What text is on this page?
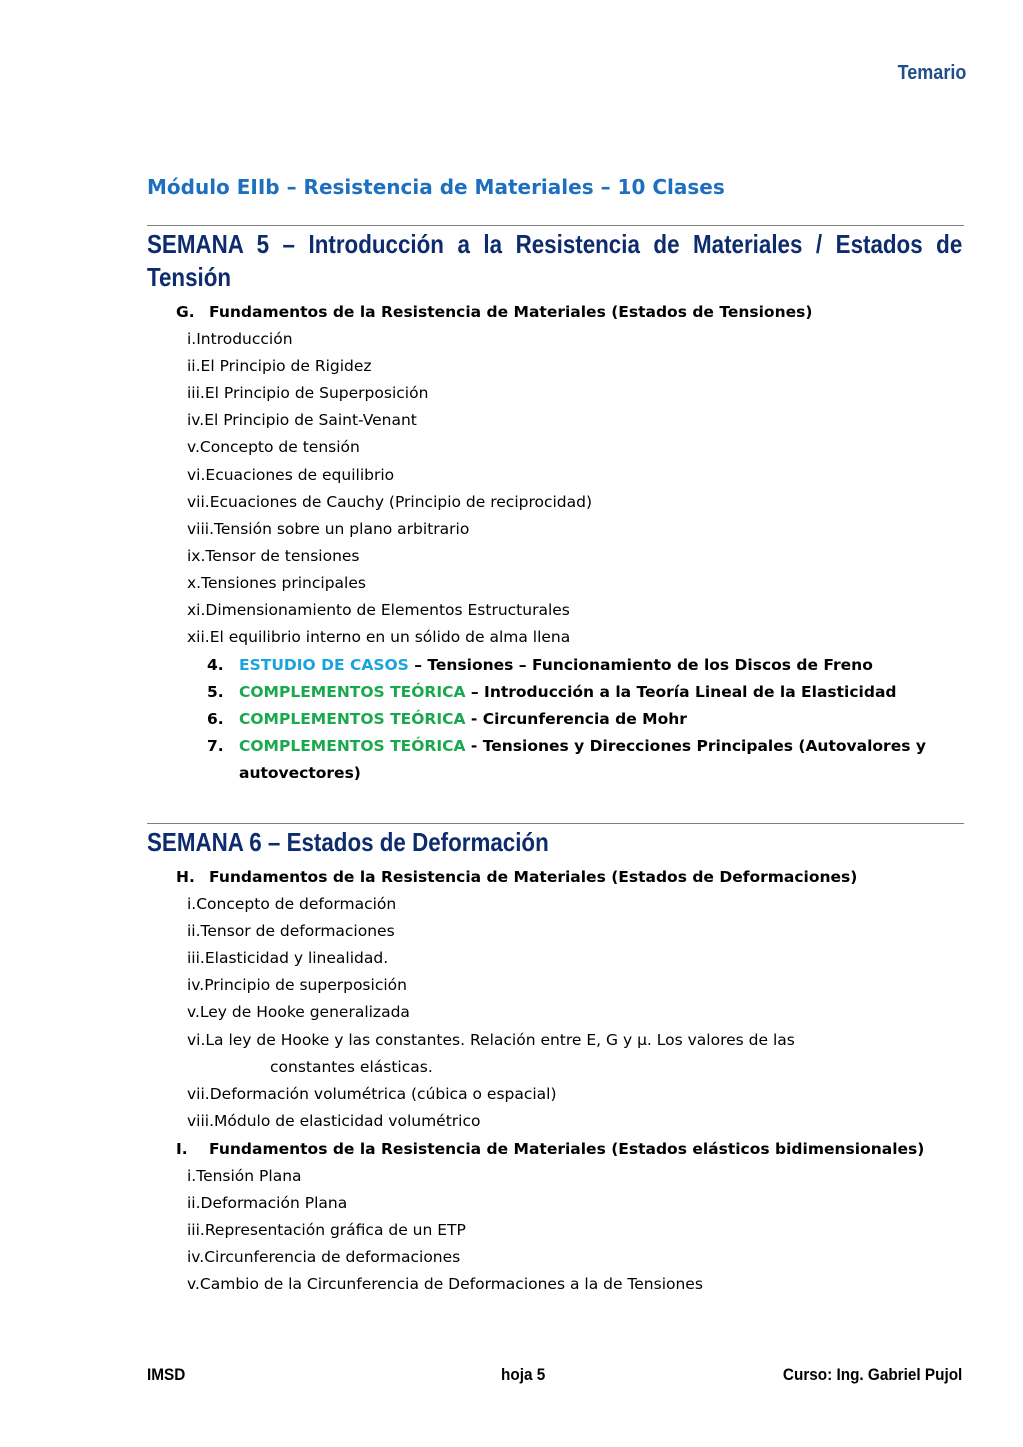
Temario
Módulo EIIb – Resistencia de Materiales – 10 Clases
SEMANA 5 – Introducción a la Resistencia de Materiales / Estados de Tensión
G. Fundamentos de la Resistencia de Materiales (Estados de Tensiones)
i.Introducción
ii.El Principio de Rigidez
iii.El Principio de Superposición
iv.El Principio de Saint-Venant
v.Concepto de tensión
vi.Ecuaciones de equilibrio
vii.Ecuaciones de Cauchy (Principio de reciprocidad)
viii.Tensión sobre un plano arbitrario
ix.Tensor de tensiones
x.Tensiones principales
xi.Dimensionamiento de Elementos Estructurales
xii.El equilibrio interno en un sólido de alma llena
4. ESTUDIO DE CASOS – Tensiones – Funcionamiento de los Discos de Freno
5. COMPLEMENTOS TEÓRICA – Introducción a la Teoría Lineal de la Elasticidad
6. COMPLEMENTOS TEÓRICA - Circunferencia de Mohr
7. COMPLEMENTOS TEÓRICA - Tensiones y Direcciones Principales (Autovalores y
autovectores)
SEMANA 6 – Estados de Deformación
H. Fundamentos de la Resistencia de Materiales (Estados de Deformaciones)
i.Concepto de deformación
ii.Tensor de deformaciones
iii.Elasticidad y linealidad.
iv.Principio de superposición
v.Ley de Hooke generalizada
vi.La ley de Hooke y las constantes. Relación entre E, G y μ. Los valores de las
constantes elásticas.
vii.Deformación volumétrica (cúbica o espacial)
viii.Módulo de elasticidad volumétrico
I. Fundamentos de la Resistencia de Materiales (Estados elásticos bidimensionales)
i.Tensión Plana
ii.Deformación Plana
iii.Representación gráfica de un ETP
iv.Circunferencia de deformaciones
v.Cambio de la Circunferencia de Deformaciones a la de Tensiones
IMSD	hoja 5	Curso: Ing. Gabriel Pujol
